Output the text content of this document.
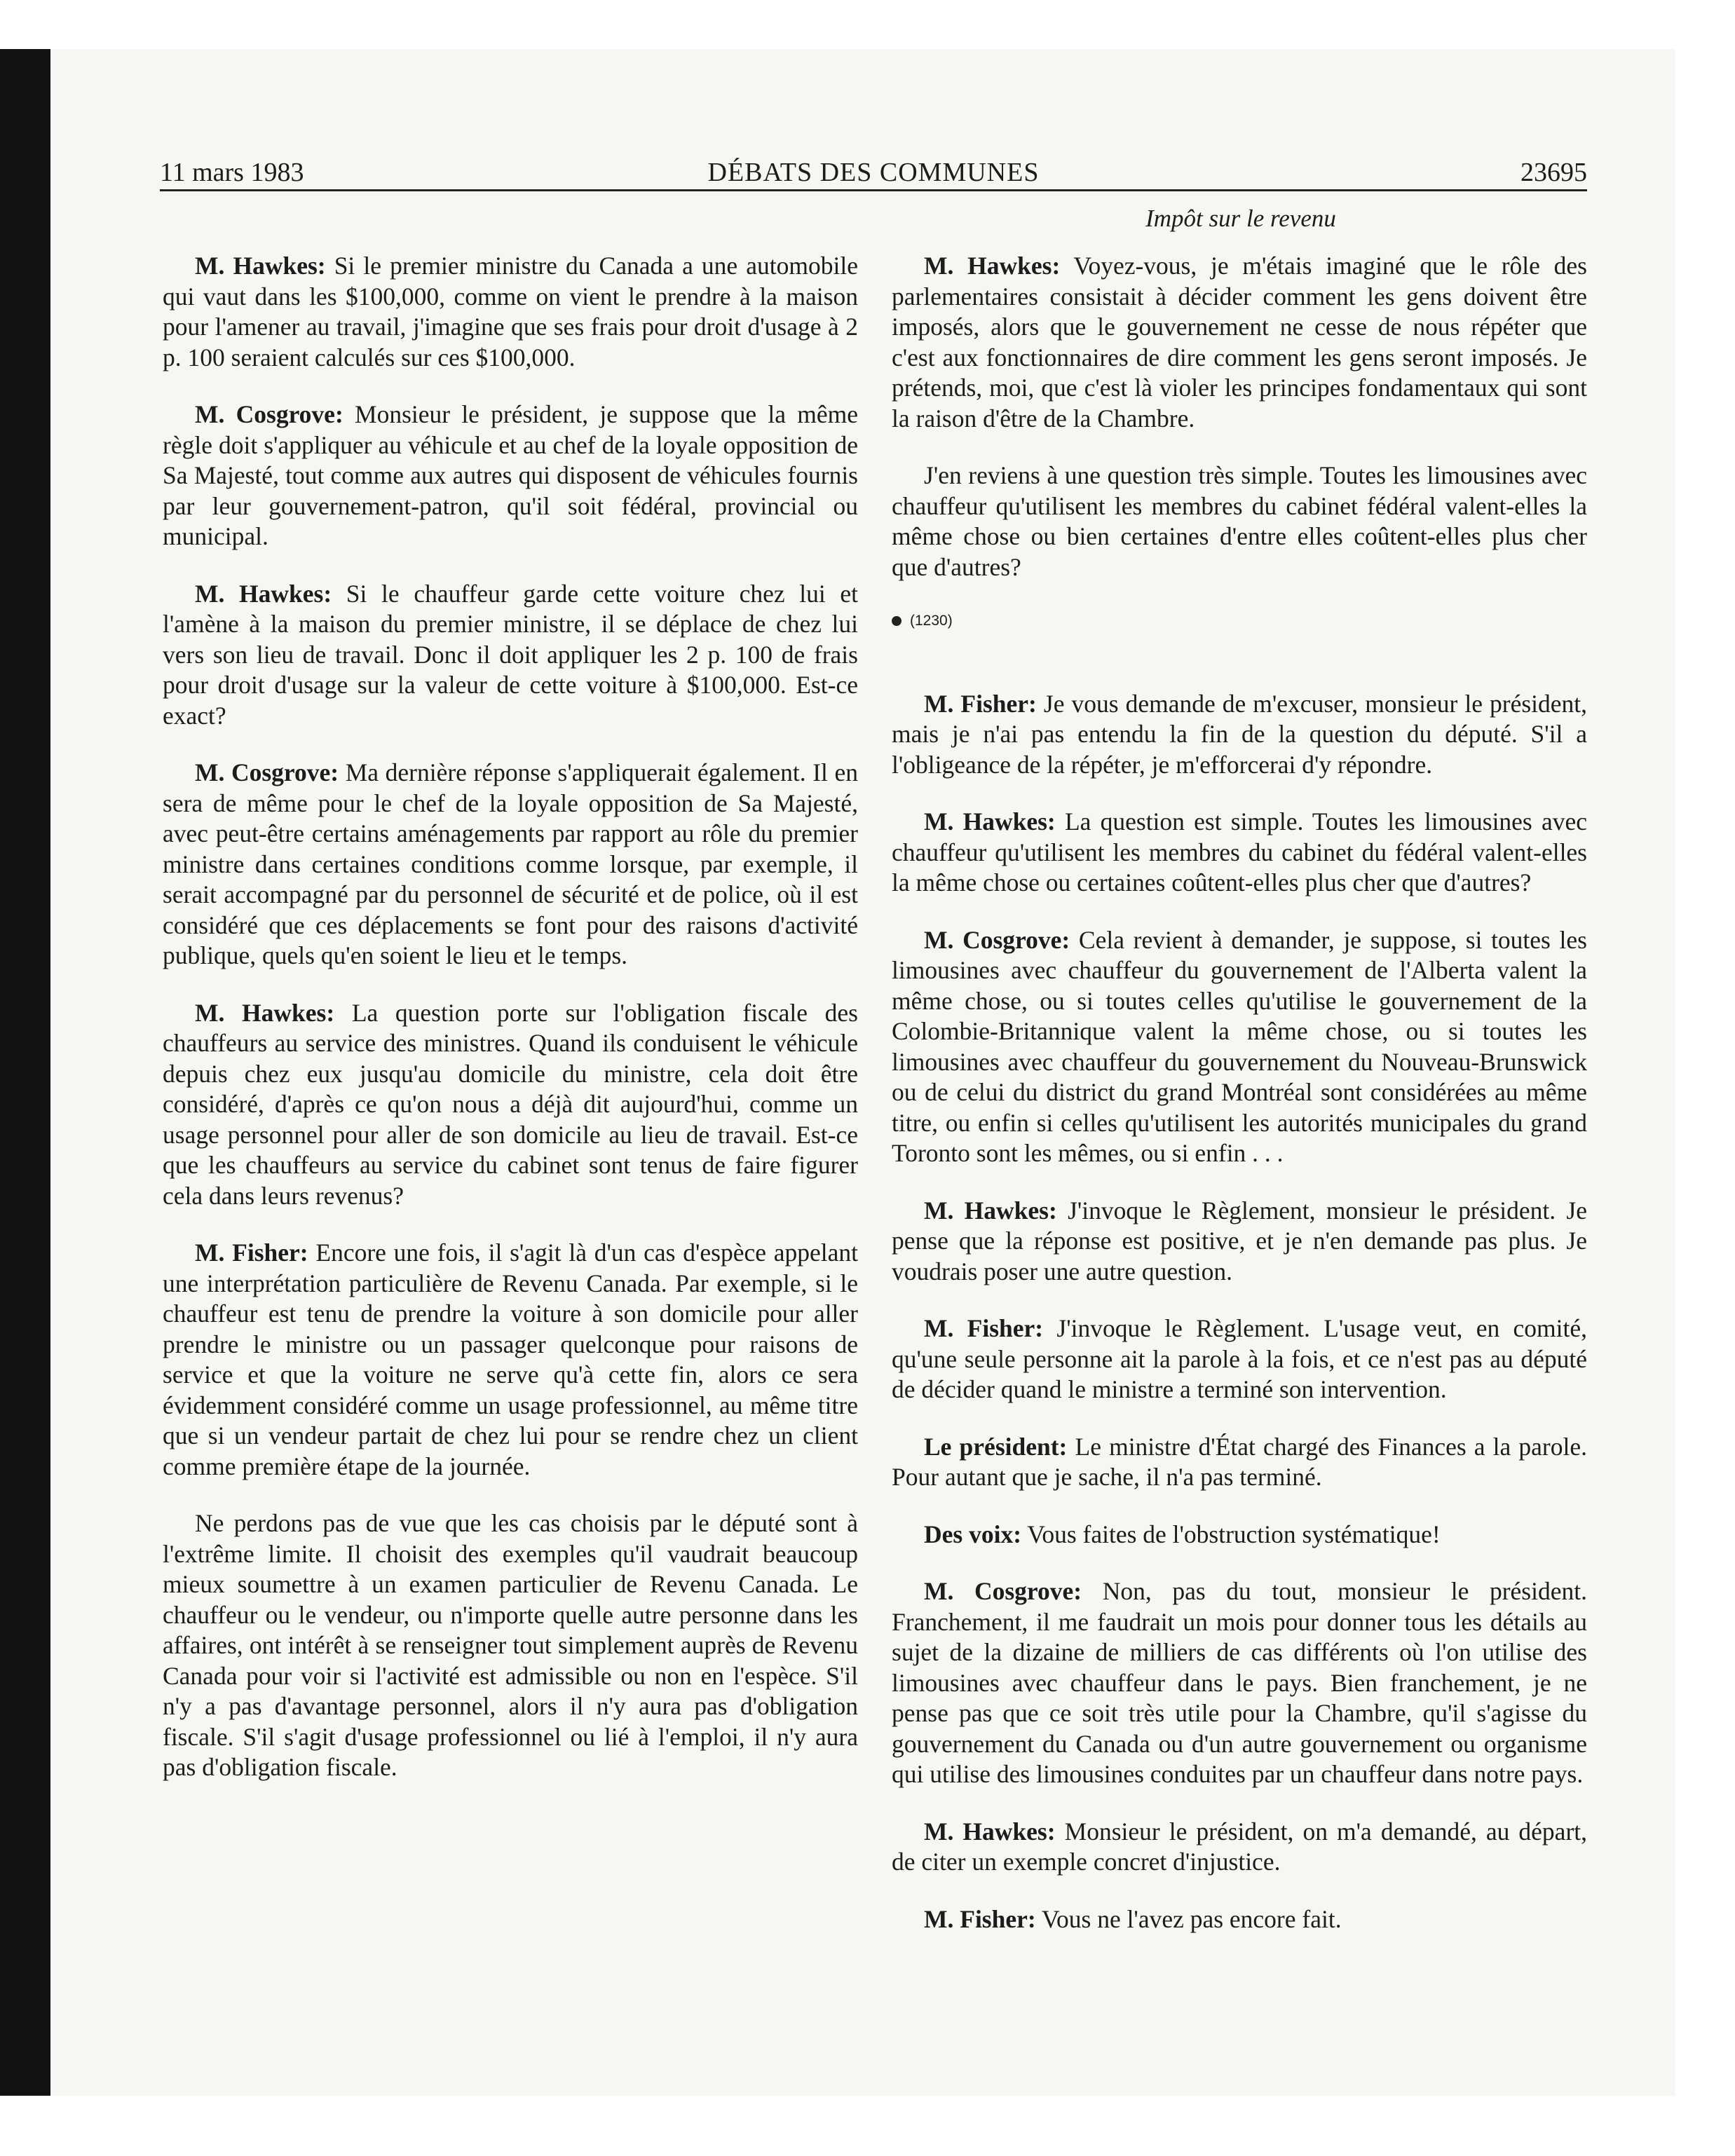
DÉBATS DES COMMUNES
11 mars 1983	23695
Impôt sur le revenu

M. Hawkes: Si le premier ministre du Canada a une automobile qui vaut dans les $100,000, comme on vient le prendre à la maison pour l'amener au travail, j'imagine que ses frais pour droit d'usage à 2 p. 100 seraient calculés sur ces $100,000.

M. Cosgrove: Monsieur le président, je suppose que la même règle doit s'appliquer au véhicule et au chef de la loyale opposition de Sa Majesté, tout comme aux autres qui disposent de véhicules fournis par leur gouvernement-patron, qu'il soit fédéral, provincial ou municipal.

M. Hawkes: Si le chauffeur garde cette voiture chez lui et l'amène à la maison du premier ministre, il se déplace de chez lui vers son lieu de travail. Donc il doit appliquer les 2 p. 100 de frais pour droit d'usage sur la valeur de cette voiture à $100,000. Est-ce exact?

M. Cosgrove: Ma dernière réponse s'appliquerait également. Il en sera de même pour le chef de la loyale opposition de Sa Majesté, avec peut-être certains aménagements par rapport au rôle du premier ministre dans certaines conditions comme lorsque, par exemple, il serait accompagné par du personnel de sécurité et de police, où il est considéré que ces déplacements se font pour des raisons d'activité publique, quels qu'en soient le lieu et le temps.

M. Hawkes: La question porte sur l'obligation fiscale des chauffeurs au service des ministres. Quand ils conduisent le véhicule depuis chez eux jusqu'au domicile du ministre, cela doit être considéré, d'après ce qu'on nous a déjà dit aujourd'hui, comme un usage personnel pour aller de son domicile au lieu de travail. Est-ce que les chauffeurs au service du cabinet sont tenus de faire figurer cela dans leurs revenus?

M. Fisher: Encore une fois, il s'agit là d'un cas d'espèce appelant une interprétation particulière de Revenu Canada. Par exemple, si le chauffeur est tenu de prendre la voiture à son domicile pour aller prendre le ministre ou un passager quelconque pour raisons de service et que la voiture ne serve qu'à cette fin, alors ce sera évidemment considéré comme un usage professionnel, au même titre que si un vendeur partait de chez lui pour se rendre chez un client comme première étape de la journée.

Ne perdons pas de vue que les cas choisis par le député sont à l'extrême limite. Il choisit des exemples qu'il vaudrait beaucoup mieux soumettre à un examen particulier de Revenu Canada. Le chauffeur ou le vendeur, ou n'importe quelle autre personne dans les affaires, ont intérêt à se renseigner tout simplement auprès de Revenu Canada pour voir si l'activité est admissible ou non en l'espèce. S'il n'y a pas d'avantage personnel, alors il n'y aura pas d'obligation fiscale. S'il s'agit d'usage professionnel ou lié à l'emploi, il n'y aura pas d'obligation fiscale.

M. Hawkes: Voyez-vous, je m'étais imaginé que le rôle des parlementaires consistait à décider comment les gens doivent être imposés, alors que le gouvernement ne cesse de nous répéter que c'est aux fonctionnaires de dire comment les gens seront imposés. Je prétends, moi, que c'est là violer les principes fondamentaux qui sont la raison d'être de la Chambre.

J'en reviens à une question très simple. Toutes les limousines avec chauffeur qu'utilisent les membres du cabinet fédéral valent-elles la même chose ou bien certaines d'entre elles coûtent-elles plus cher que d'autres?

(1230)

M. Fisher: Je vous demande de m'excuser, monsieur le président, mais je n'ai pas entendu la fin de la question du député. S'il a l'obligeance de la répéter, je m'efforcerai d'y répondre.

M. Hawkes: La question est simple. Toutes les limousines avec chauffeur qu'utilisent les membres du cabinet du fédéral valent-elles la même chose ou certaines coûtent-elles plus cher que d'autres?

M. Cosgrove: Cela revient à demander, je suppose, si toutes les limousines avec chauffeur du gouvernement de l'Alberta valent la même chose, ou si toutes celles qu'utilise le gouvernement de la Colombie-Britannique valent la même chose, ou si toutes les limousines avec chauffeur du gouvernement du Nouveau-Brunswick ou de celui du district du grand Montréal sont considérées au même titre, ou enfin si celles qu'utilisent les autorités municipales du grand Toronto sont les mêmes, ou si enfin . . .

M. Hawkes: J'invoque le Règlement, monsieur le président. Je pense que la réponse est positive, et je n'en demande pas plus. Je voudrais poser une autre question.

M. Fisher: J'invoque le Règlement. L'usage veut, en comité, qu'une seule personne ait la parole à la fois, et ce n'est pas au député de décider quand le ministre a terminé son intervention.

Le président: Le ministre d'État chargé des Finances a la parole. Pour autant que je sache, il n'a pas terminé.

Des voix: Vous faites de l'obstruction systématique!

M. Cosgrove: Non, pas du tout, monsieur le président. Franchement, il me faudrait un mois pour donner tous les détails au sujet de la dizaine de milliers de cas différents où l'on utilise des limousines avec chauffeur dans le pays. Bien franchement, je ne pense pas que ce soit très utile pour la Chambre, qu'il s'agisse du gouvernement du Canada ou d'un autre gouvernement ou organisme qui utilise des limousines conduites par un chauffeur dans notre pays.

M. Hawkes: Monsieur le président, on m'a demandé, au départ, de citer un exemple concret d'injustice.

M. Fisher: Vous ne l'avez pas encore fait.
